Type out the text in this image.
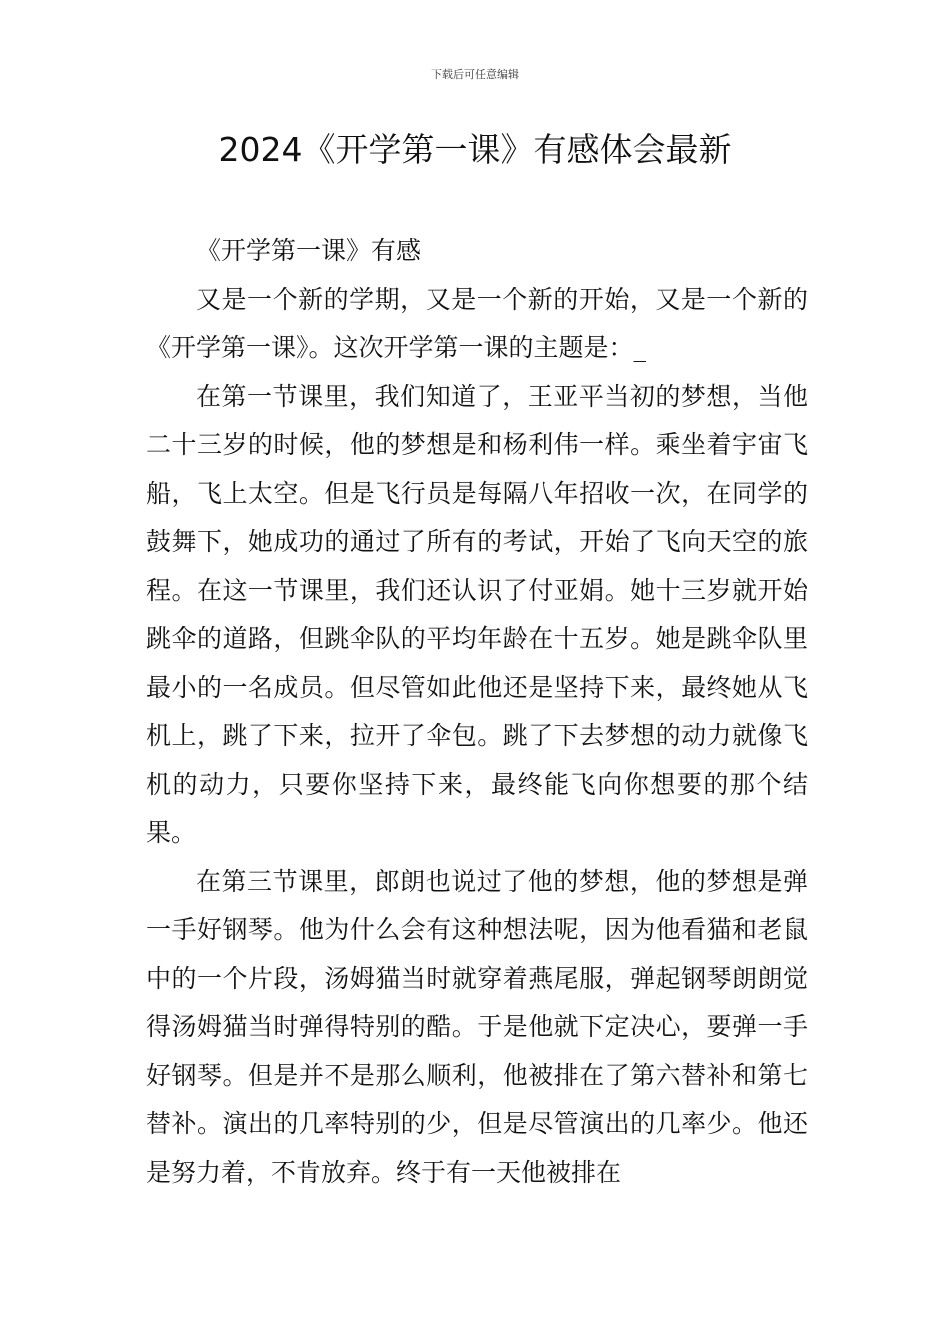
下载后可任意编辑
2024《开学第一课》有感体会最新

《开学第一课》有感

又是一个新的学期，又是一个新的开始，又是一个新的《开学第一课》。这次开学第一课的主题是：_

在第一节课里，我们知道了，王亚平当初的梦想，当他二十三岁的时候，他的梦想是和杨利伟一样。乘坐着宇宙飞船，飞上太空。但是飞行员是每隔八年招收一次，在同学的鼓舞下，她成功的通过了所有的考试，开始了飞向天空的旅程。在这一节课里，我们还认识了付亚娟。她十三岁就开始跳伞的道路，但跳伞队的平均年龄在十五岁。她是跳伞队里最小的一名成员。但尽管如此他还是坚持下来，最终她从飞机上，跳了下来，拉开了伞包。跳了下去梦想的动力就像飞机的动力，只要你坚持下来，最终能飞向你想要的那个结果。

在第三节课里，郎朗也说过了他的梦想，他的梦想是弹一手好钢琴。他为什么会有这种想法呢，因为他看猫和老鼠中的一个片段，汤姆猫当时就穿着燕尾服，弹起钢琴朗朗觉得汤姆猫当时弹得特别的酷。于是他就下定决心，要弹一手好钢琴。但是并不是那么顺利，他被排在了第六替补和第七替补。演出的几率特别的少，但是尽管演出的几率少。他还是努力着，不肯放弃。终于有一天他被排在
